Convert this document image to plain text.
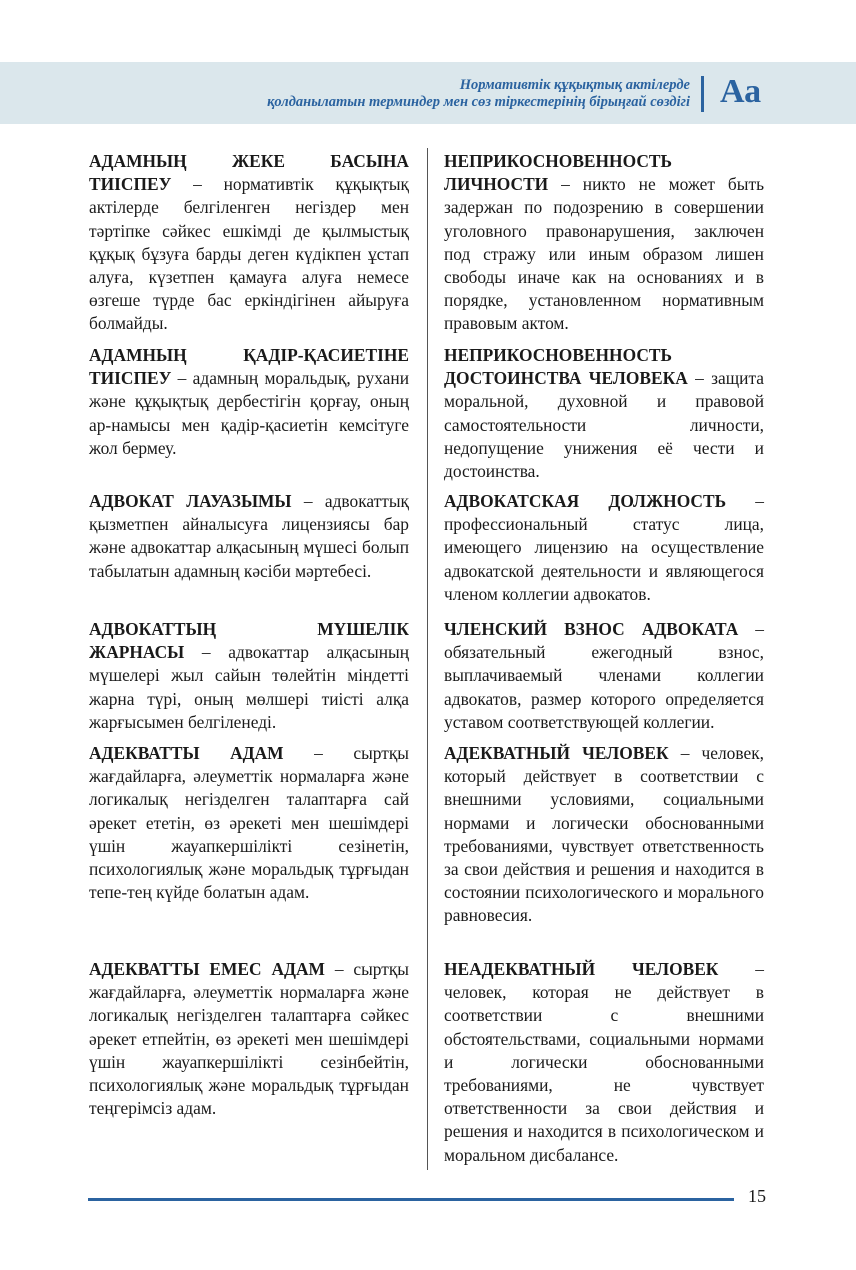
Нормативтік құқықтық актілерде
қолданылатын терминдер мен сөз тіркестерінің бірыңғай сөздігі Аа

АДАМНЫҢ ЖЕКЕ БАСЫНА ТИІСПЕУ – нормативтік құқықтық актілерде белгіленген негіздер мен тәртіпке сәйкес ешкімді де қылмыстық құқық бұзуға барды деген күдікпен ұстап алуға, күзетпен қамауға алуға немесе өзгеше түрде бас еркіндігінен айыруға болмайды.

АДАМНЫҢ ҚАДІР-ҚАСИЕТІНЕ ТИІСПЕУ – адамның моральдық, рухани және құқықтық дербестігін қорғау, оның ар-намысы мен қадір-қасиетін кемсітуге жол бермеу.

АДВОКАТ ЛАУАЗЫМЫ – адвокаттық қызметпен айналысуға лицензиясы бар және адвокаттар алқасының мүшесі болып табылатын адамның кәсіби мәртебесі.

АДВОКАТТЫҢ МҮШЕЛІК ЖАРНАСЫ – адвокаттар алқасының мүшелері жыл сайын төлейтін міндетті жарна түрі, оның мөлшері тиісті алқа жарғысымен белгіленеді.

АДЕКВАТТЫ АДАМ – сыртқы жағдайларға, әлеуметтік нормаларға және логикалық негізделген талаптарға сай әрекет ететін, өз әрекеті мен шешімдері үшін жауапкершілікті сезінетін, психологиялық және моральдық тұрғыдан тепе-тең күйде болатын адам.

АДЕКВАТТЫ ЕМЕС АДАМ – сыртқы жағдайларға, әлеуметтік нормаларға және логикалық негізделген талаптарға сәйкес әрекет етпейтін, өз әрекеті мен шешімдері үшін жауапкершілікті сезінбейтін, психологиялық және моральдық тұрғыдан теңгерімсіз адам.

НЕПРИКОСНОВЕННОСТЬ ЛИЧНОСТИ – никто не может быть задержан по подозрению в совершении уголовного правонарушения, заключен под стражу или иным образом лишен свободы иначе как на основаниях и в порядке, установленном нормативным правовым актом.

НЕПРИКОСНОВЕННОСТЬ ДОСТОИНСТВА ЧЕЛОВЕКА – защита моральной, духовной и правовой самостоятельности личности, недопущение унижения её чести и достоинства.

АДВОКАТСКАЯ ДОЛЖНОСТЬ – профессиональный статус лица, имеющего лицензию на осуществление адвокатской деятельности и являющегося членом коллегии адвокатов.

ЧЛЕНСКИЙ ВЗНОС АДВОКАТА – обязательный ежегодный взнос, выплачиваемый членами коллегии адвокатов, размер которого определяется уставом соответствующей коллегии.

АДЕКВАТНЫЙ ЧЕЛОВЕК – человек, который действует в соответствии с внешними условиями, социальными нормами и логически обоснованными требованиями, чувствует ответственность за свои действия и решения и находится в состоянии психологического и морального равновесия.

НЕАДЕКВАТНЫЙ ЧЕЛОВЕК – человек, которая не действует в соответствии с внешними обстоятельствами, социальными нормами и логически обоснованными требованиями, не чувствует ответственности за свои действия и решения и находится в психологическом и моральном дисбалансе.

15
